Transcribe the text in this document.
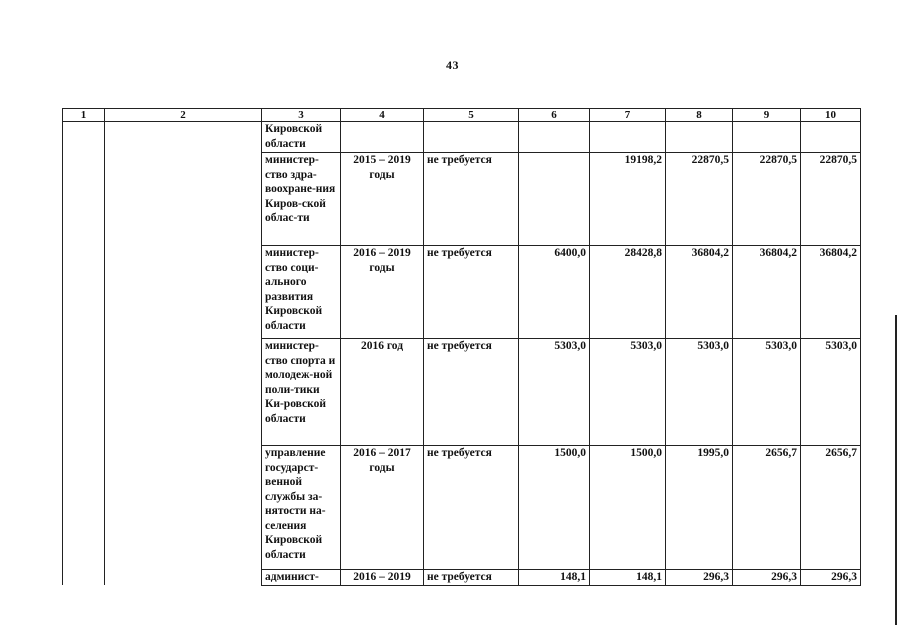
43
1	2	3	4	5	6	7	8	9	10
		Кировской области							
		министер-ство здра-воохране-ния Киров-ской облас-ти	2015 – 2019 годы	не требуется		19198,2	22870,5	22870,5	22870,5
		министер-ство соци-ального развития Кировской области	2016 – 2019 годы	не требуется	6400,0	28428,8	36804,2	36804,2	36804,2
		министер-ство спорта и молодеж-ной поли-тики Ки-ровской области	2016 год	не требуется	5303,0	5303,0	5303,0	5303,0	5303,0
		управление государст-венной службы за-нятости на-селения Кировской области	2016 – 2017 годы	не требуется	1500,0	1500,0	1995,0	2656,7	2656,7
		админист-	2016 – 2019	не требуется	148,1	148,1	296,3	296,3	296,3
